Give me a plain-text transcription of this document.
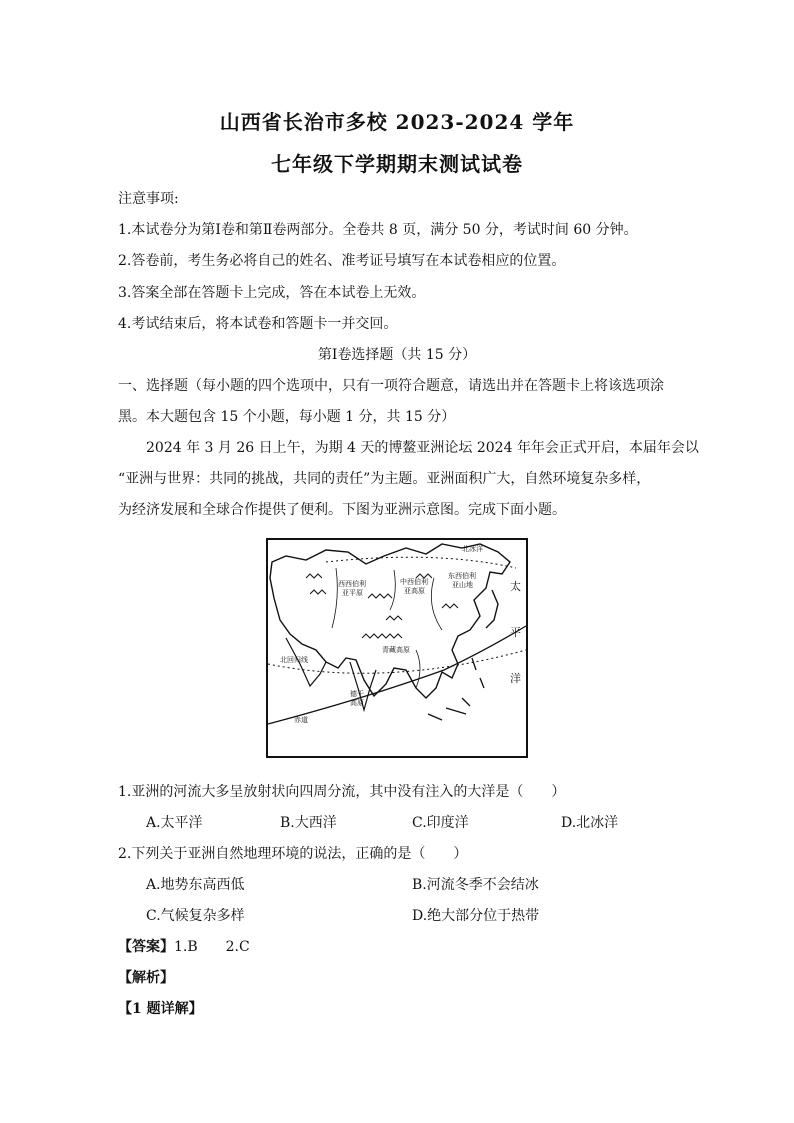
山西省长治市多校 2023-2024 学年
七年级下学期期末测试试卷
注意事项:
1.本试卷分为第Ⅰ卷和第Ⅱ卷两部分。全卷共 8 页，满分 50 分，考试时间 60 分钟。
2.答卷前，考生务必将自己的姓名、准考证号填写在本试卷相应的位置。
3.答案全部在答题卡上完成，答在本试卷上无效。
4.考试结束后，将本试卷和答题卡一并交回。
第Ⅰ卷选择题（共 15 分）
一、选择题（每小题的四个选项中，只有一项符合题意，请选出并在答题卡上将该选项涂
黑。本大题包含 15 个小题，每小题 1 分，共 15 分）
2024 年 3 月 26 日上午，为期 4 天的博鳌亚洲论坛 2024 年年会正式开启，本届年会以
“亚洲与世界：共同的挑战，共同的责任”为主题。亚洲面积广大，自然环境复杂多样，
为经济发展和全球合作提供了便利。下图为亚洲示意图。完成下面小题。
北冰洋
西西伯利
亚平原
中西伯利
亚高原
东西伯利
亚山地
青藏高原
北回归线
德干
高原
赤道
太
平
洋
1.亚洲的河流大多呈放射状向四周分流，其中没有注入的大洋是（　　）
A.太平洋	B.大西洋	C.印度洋	D.北冰洋
2.下列关于亚洲自然地理环境的说法，正确的是（　　）
A.地势东高西低	B.河流冬季不会结冰
C.气候复杂多样	D.绝大部分位于热带
【答案】1.B　　2.C
【解析】
【1 题详解】
